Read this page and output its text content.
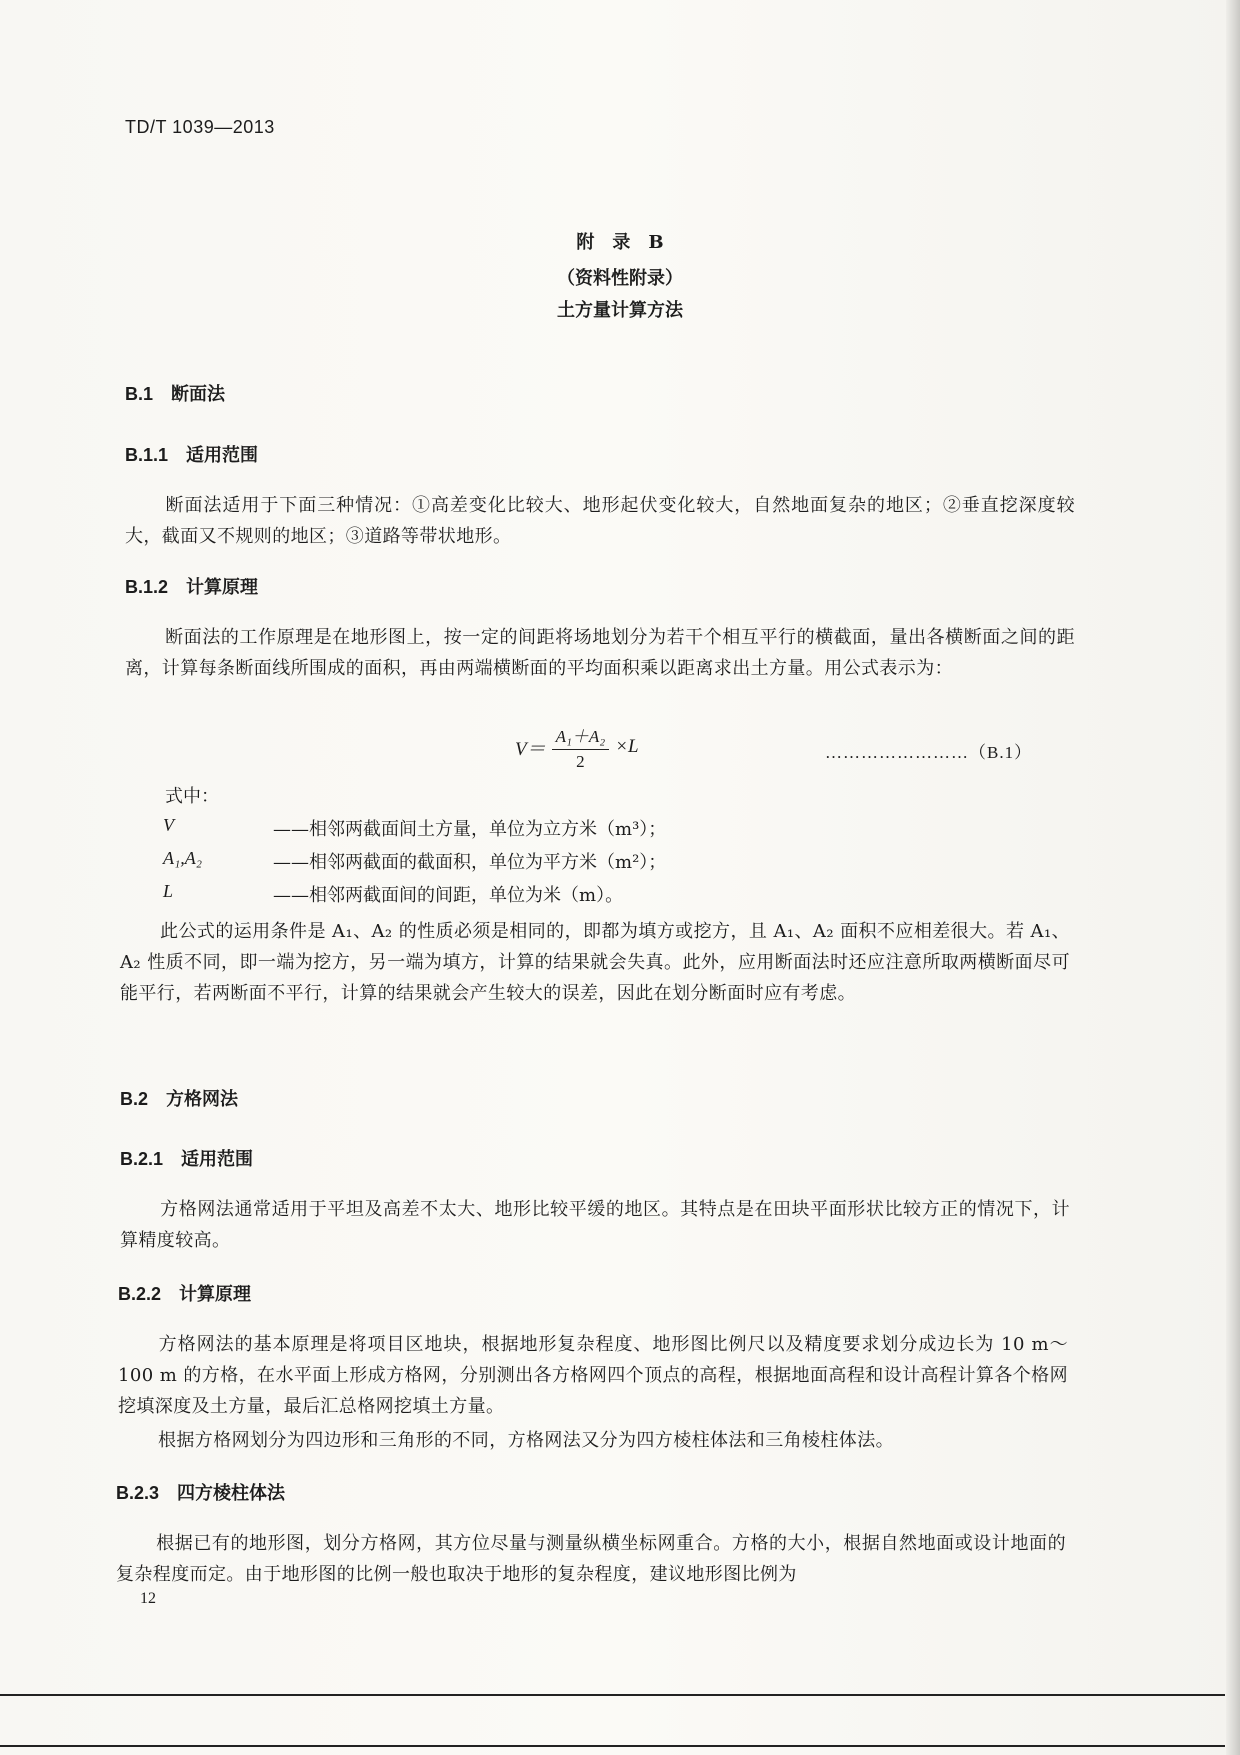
TD/T 1039—2013
附　录　B
（资料性附录）
土方量计算方法
B.1 断面法
B.1.1 适用范围
断面法适用于下面三种情况：①高差变化比较大、地形起伏变化较大，自然地面复杂的地区；②垂直挖深度较大，截面又不规则的地区；③道路等带状地形。
B.1.2 计算原理
断面法的工作原理是在地形图上，按一定的间距将场地划分为若干个相互平行的横截面，量出各横断面之间的距离，计算每条断面线所围成的面积，再由两端横断面的平均面积乘以距离求出土方量。用公式表示为：
$V= \frac{\text{A₁＋A₂}}{2} \times L$	……………………（B.1）
式中：
V	——相邻两截面间土方量，单位为立方米（m³）；
A₁,A₂	——相邻两截面的截面积，单位为平方米（m²）；
L	——相邻两截面间的间距，单位为米（m）。
此公式的运用条件是 A₁、A₂ 的性质必须是相同的，即都为填方或挖方，且 A₁、A₂ 面积不应相差很大。若 A₁、A₂ 性质不同，即一端为挖方，另一端为填方，计算的结果就会失真。此外，应用断面法时还应注意所取两横断面尽可能平行，若两断面不平行，计算的结果就会产生较大的误差，因此在划分断面时应有考虑。
B.2 方格网法
B.2.1 适用范围
方格网法通常适用于平坦及高差不太大、地形比较平缓的地区。其特点是在田块平面形状比较方正的情况下，计算精度较高。
B.2.2 计算原理
方格网法的基本原理是将项目区地块，根据地形复杂程度、地形图比例尺以及精度要求划分成边长为 10 m～100 m 的方格，在水平面上形成方格网，分别测出各方格网四个顶点的高程，根据地面高程和设计高程计算各个格网挖填深度及土方量，最后汇总格网挖填土方量。
根据方格网划分为四边形和三角形的不同，方格网法又分为四方棱柱体法和三角棱柱体法。
B.2.3 四方棱柱体法
根据已有的地形图，划分方格网，其方位尽量与测量纵横坐标网重合。方格的大小，根据自然地面或设计地面的复杂程度而定。由于地形图的比例一般也取决于地形的复杂程度，建议地形图比例为
12
